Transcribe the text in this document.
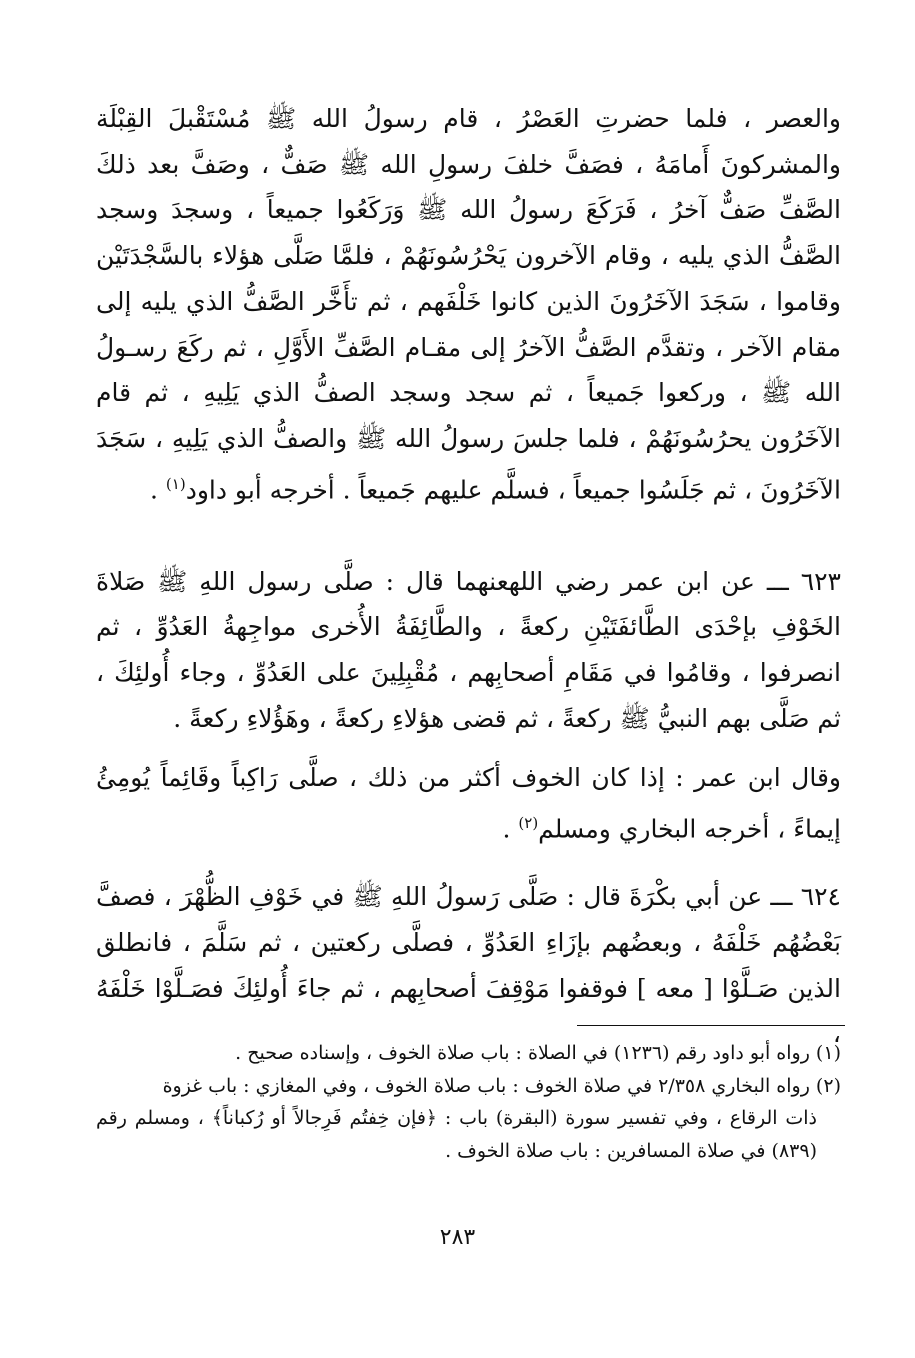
والعصر ، فلما حضرتِ العَصْرُ ، قام رسولُ الله ﷺ مُسْتَقْبلَ القِبْلَة والمشركونَ أَمامَهُ ، فصَفَّ خلفَ رسولِ الله ﷺ صَفٌّ ، وصَفَّ بعد ذلكَ الصَّفِّ صَفٌّ آخرُ ، فَرَكَعَ رسولُ الله ﷺ وَرَكَعُوا جميعاً ، وسجدَ وسجد الصَّفُّ الذي يليه ، وقام الآخرون يَحْرُسُونَهُمْ ، فلمَّا صَلَّى هؤلاء بالسَّجْدَتَيْن وقاموا ، سَجَدَ الآخَرُونَ الذين كانوا خَلْفَهم ، ثم تأَخَّر الصَّفُّ الذي يليه إلى مقام الآخر ، وتقدَّم الصَّفُّ الآخرُ إلى مقـام الصَّفِّ الأَوَّلِ ، ثم ركَعَ رسـولُ الله ﷺ ، وركعوا جَميعاً ، ثم سجد وسجد الصفُّ الذي يَلِيهِ ، ثم قام الآخَرُون يحرُسُونَهُمْ ، فلما جلسَ رسولُ الله ﷺ والصفُّ الذي يَلِيهِ ، سَجَدَ الآخَرُونَ ، ثم جَلَسُوا جميعاً ، فسلَّم عليهم جَميعاً . أخرجه أبو داود$^{(١)}$ .

٦٢٣ ـــ عن ابن عمر رضي اللهعنهما قال : صلَّى رسول اللهِ ﷺ صَلاةَ الخَوْفِ بإحْدَى الطَّائفَتَيْنِ ركعةً ، والطَّائِفَةُ الأُخرى مواجِهةُ العَدُوِّ ، ثم انصرفوا ، وقامُوا في مَقَامِ أصحابِهم ، مُقْبِلِينَ على العَدُوِّ ، وجاء أُولئِكَ ، ثم صَلَّى بهم النبيُّ ﷺ ركعةً ، ثم قضى هؤلاءِ ركعةً ، وهَؤُلاءِ ركعةً .

وقال ابن عمر : إذا كان الخوف أكثر من ذلك ، صلَّى رَاكِباً وقَائِماً يُومِئُ إيماءً ، أخرجه البخاري ومسلم$^{(٢)}$ .

٦٢٤ ـــ عن أبي بكْرَةَ قال : صَلَّى رَسولُ اللهِ ﷺ في خَوْفِ الظُّهْرَ ، فصفَّ بَعْضُهُم خَلْفَهُ ، وبعضُهم بإزَاءِ العَدُوِّ ، فصلَّى ركعتين ، ثم سَلَّمَ ، فانطلق الذين صَـلَّوْا [ معه ] فوقفوا مَوْقِفَ أصحابِهم ، ثم جاءَ أُولئِكَ فصَـلَّوْا خَلْفَهُ ،

(١) رواه أبو داود رقم (١٢٣٦) في الصلاة : باب صلاة الخوف ، وإسناده صحيح .

(٢) رواه البخاري ٢/٣٥٨ في صلاة الخوف : باب صلاة الخوف ، وفي المغازي : باب غزوة

ذات الرقاع ، وفي تفسير سورة (البقرة) باب : ﴿فإن خِفتُم فَرِجالاً أو رُكباناً﴾ ، ومسلم رقم (٨٣٩) في صلاة المسافرين : باب صلاة الخوف .

٢٨٣
